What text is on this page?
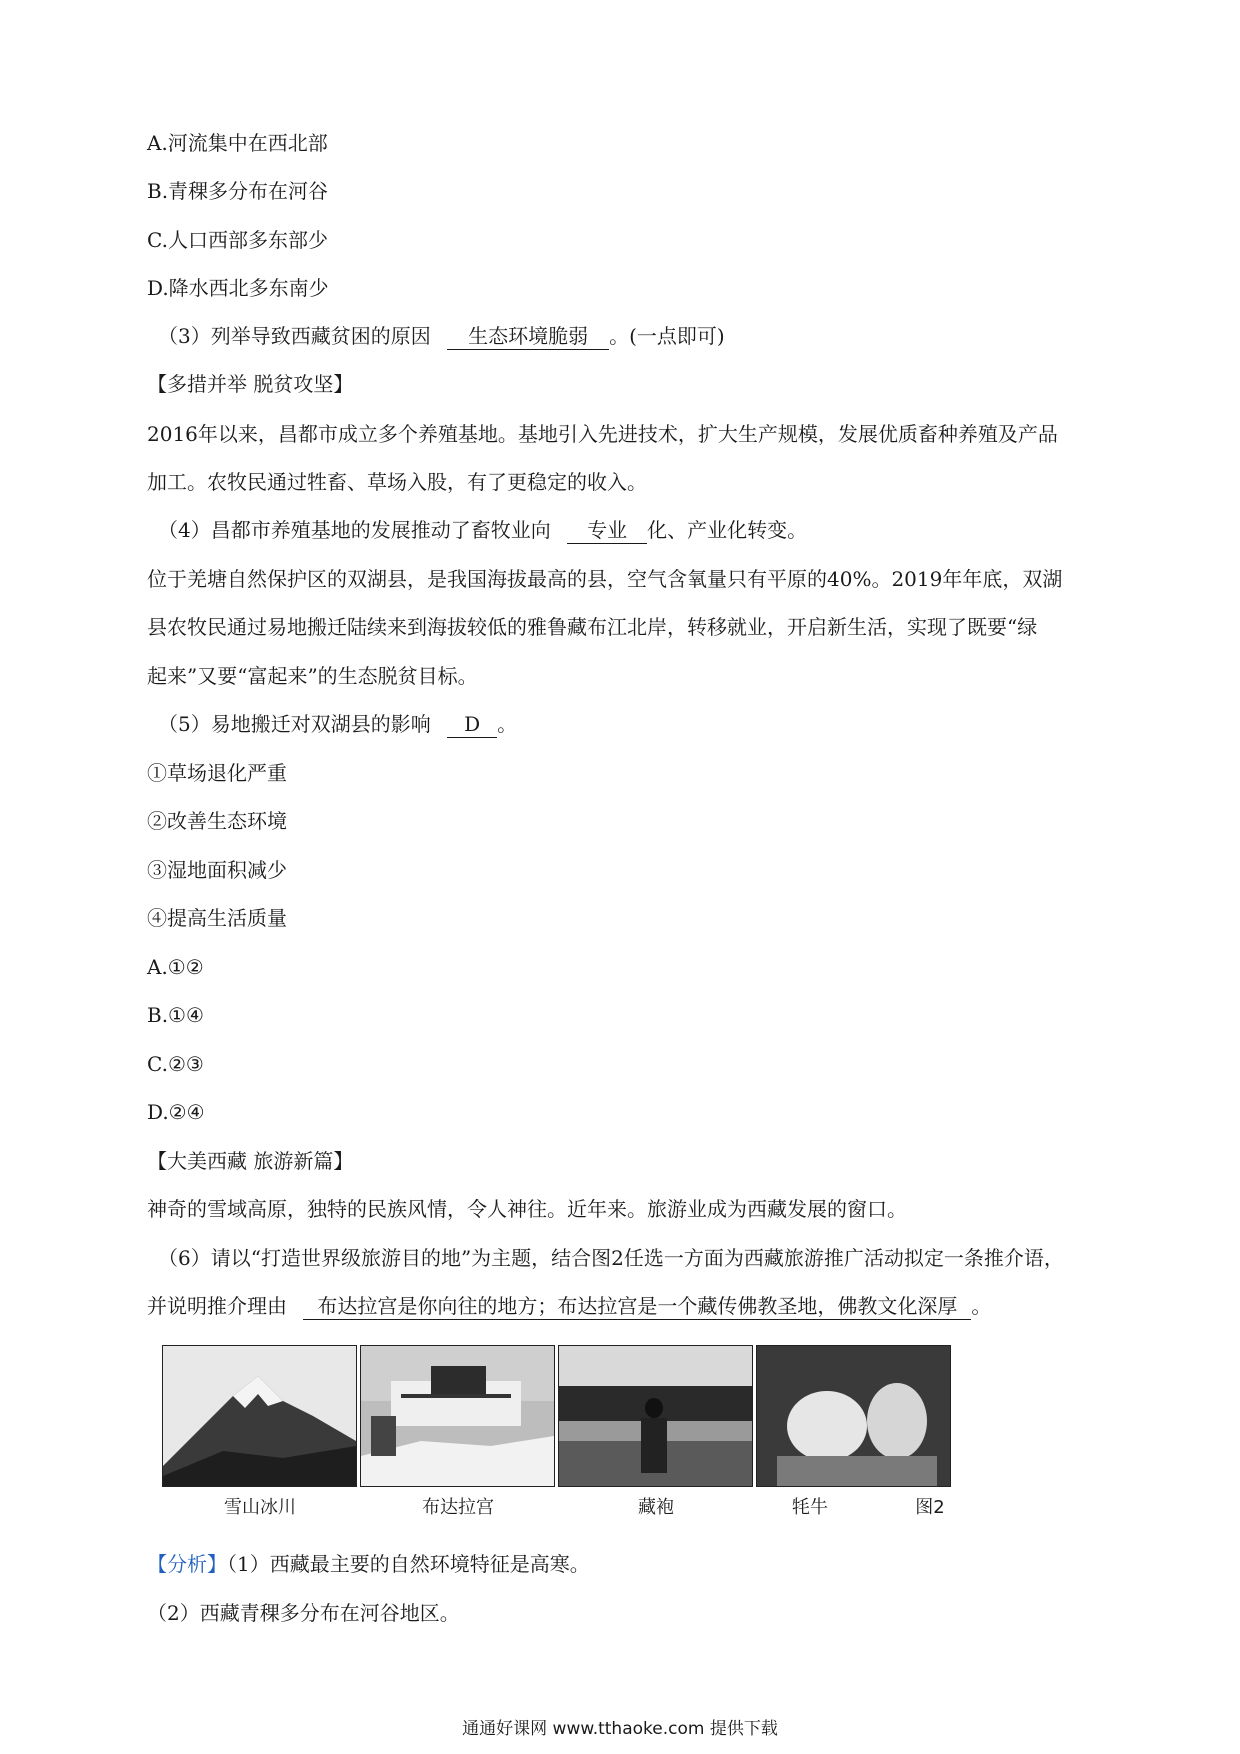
A.河流集中在西北部
B.青稞多分布在河谷
C.人口西部多东部少
D.降水西北多东南少
（3）列举导致西藏贫困的原因 生态环境脆弱 。(一点即可)
【多措并举 脱贫攻坚】
2016年以来，昌都市成立多个养殖基地。基地引入先进技术，扩大生产规模，发展优质畜种养殖及产品
加工。农牧民通过牲畜、草场入股，有了更稳定的收入。
（4）昌都市养殖基地的发展推动了畜牧业向 专业 化、产业化转变。
位于羌塘自然保护区的双湖县，是我国海拔最高的县，空气含氧量只有平原的40%。2019年年底，双湖
县农牧民通过易地搬迁陆续来到海拔较低的雅鲁藏布江北岸，转移就业，开启新生活，实现了既要“绿
起来”又要“富起来”的生态脱贫目标。
（5）易地搬迁对双湖县的影响 D 。
①草场退化严重
②改善生态环境
③湿地面积减少
④提高生活质量
A.①②
B.①④
C.②③
D.②④
【大美西藏 旅游新篇】
神奇的雪域高原，独特的民族风情，令人神往。近年来。旅游业成为西藏发展的窗口。
（6）请以“打造世界级旅游目的地”为主题，结合图2任选一方面为西藏旅游推广活动拟定一条推介语，
并说明推介理由 布达拉宫是你向往的地方；布达拉宫是一个藏传佛教圣地，佛教文化深厚 。
雪山冰川	布达拉宫	藏袍	牦牛	图2
【分析】（1）西藏最主要的自然环境特征是高寒。
（2）西藏青稞多分布在河谷地区。
通通好课网 www.tthaoke.com 提供下载
